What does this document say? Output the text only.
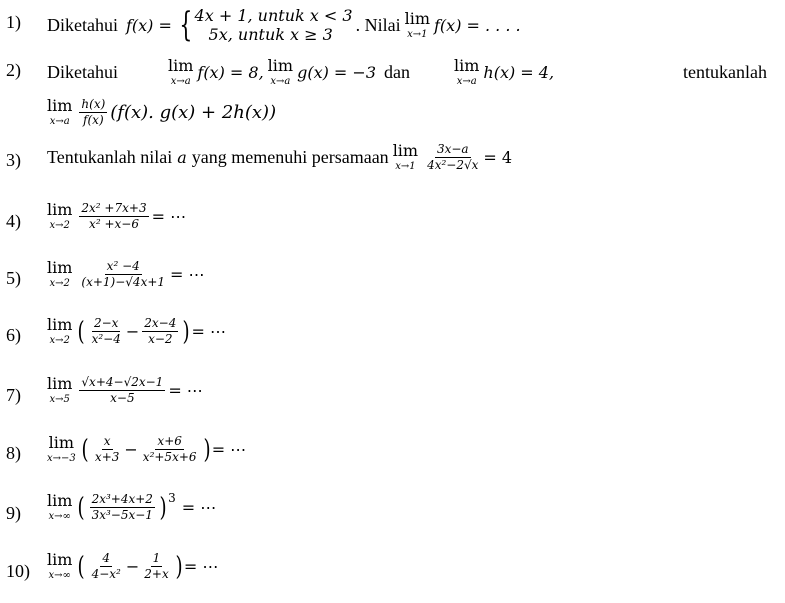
1) Diketahui f(x) = { 4x + 1, untuk x < 3
5x, untuk x ≥ 3	. Nilai lim
x→1 f(x) = . . . .
2) Diketahui	lim
x→a f(x) = 8, lim
x→a g(x) = −3 dan	lim
x→a h(x) = 4,	tentukanlah
lim
$x\to a \frac{h(x)}{f(x)} (f(x)$. g(x) + 2h(x))
3) Tentukanlah nilai a yang memenuhi persamaan lim
$x\to 1 \frac{3x-a}{\text{4x²−2√x}} = 4$
4)
lim
$x\to 2 \frac{\text{2x² +7x+3}}{\text{x² +x−6}}$ = ⋯
5)
lim
$x\to 2 \frac{\text{x² −4}}{(x+1)-√4x+1}$ = ⋯
6)
lim
x→2 ( $\frac{2-x}{\text{x²−4}} - \frac{2x-4}{x-2}$ ) = ⋯
7)
lim
$x\to 5 \frac{√x+4-√2x-1}{x-5}$ = ⋯
8)
lim
x→−3 ( $\frac{x}{x+3} - \frac{x+6}{\text{x²+5x+6}}$ ) = ⋯
9)
lim
x→∞ ( $\frac{\text{2x³+4x+2}}{\text{3x³−5x−1}}$ ) 3
= ⋯
10)
lim
x→∞ ( $\frac{4}{\text{4−x²}} - \frac{1}{2+x}$ ) = ⋯
